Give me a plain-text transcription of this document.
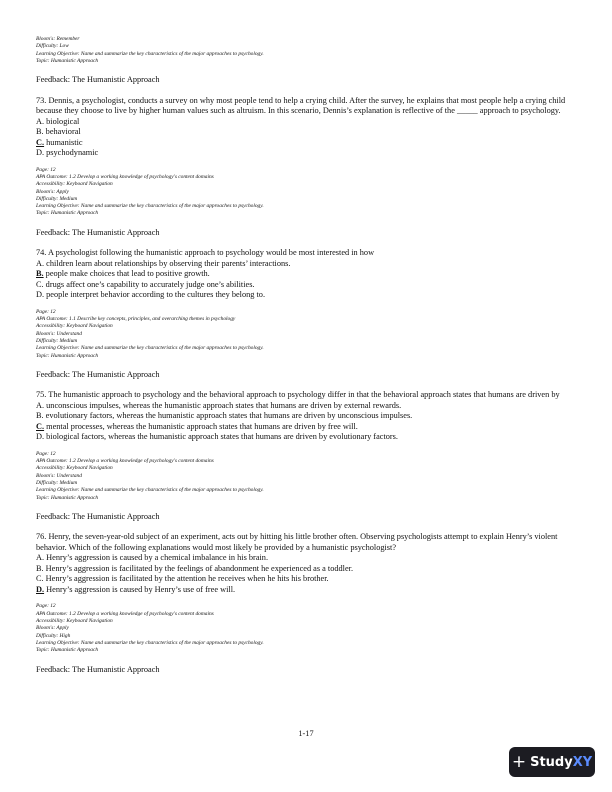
Bloom's: Remember
Difficulty: Low
Learning Objective: Name and summarize the key characteristics of the major approaches to psychology.
Topic: Humanistic Approach
Feedback: The Humanistic Approach
73. Dennis, a psychologist, conducts a survey on why most people tend to help a crying child. After the survey, he explains that most people help a crying child because they choose to live by higher human values such as altruism. In this scenario, Dennis’s explanation is reflective of the _____ approach to psychology.
A. biological
B. behavioral
C. humanistic
D. psychodynamic
Page: 12
APA Outcome: 1.2 Develop a working knowledge of psychology's content domains
Accessibility: Keyboard Navigation
Bloom's: Apply
Difficulty: Medium
Learning Objective: Name and summarize the key characteristics of the major approaches to psychology.
Topic: Humanistic Approach
Feedback: The Humanistic Approach
74. A psychologist following the humanistic approach to psychology would be most interested in how
A. children learn about relationships by observing their parents’ interactions.
B. people make choices that lead to positive growth.
C. drugs affect one’s capability to accurately judge one’s abilities.
D. people interpret behavior according to the cultures they belong to.
Page: 12
APA Outcome: 1.1 Describe key concepts, principles, and overarching themes in psychology
Accessibility: Keyboard Navigation
Bloom's: Understand
Difficulty: Medium
Learning Objective: Name and summarize the key characteristics of the major approaches to psychology.
Topic: Humanistic Approach
Feedback: The Humanistic Approach
75. The humanistic approach to psychology and the behavioral approach to psychology differ in that the behavioral approach states that humans are driven by
A. unconscious impulses, whereas the humanistic approach states that humans are driven by external rewards.
B. evolutionary factors, whereas the humanistic approach states that humans are driven by unconscious impulses.
C. mental processes, whereas the humanistic approach states that humans are driven by free will.
D. biological factors, whereas the humanistic approach states that humans are driven by evolutionary factors.
Page: 12
APA Outcome: 1.2 Develop a working knowledge of psychology's content domains
Accessibility: Keyboard Navigation
Bloom's: Understand
Difficulty: Medium
Learning Objective: Name and summarize the key characteristics of the major approaches to psychology.
Topic: Humanistic Approach
Feedback: The Humanistic Approach
76. Henry, the seven-year-old subject of an experiment, acts out by hitting his little brother often. Observing psychologists attempt to explain Henry’s violent behavior. Which of the following explanations would most likely be provided by a humanistic psychologist?
A. Henry’s aggression is caused by a chemical imbalance in his brain.
B. Henry’s aggression is facilitated by the feelings of abandonment he experienced as a toddler.
C. Henry’s aggression is facilitated by the attention he receives when he hits his brother.
D. Henry’s aggression is caused by Henry’s use of free will.
Page: 12
APA Outcome: 1.2 Develop a working knowledge of psychology's content domains
Accessibility: Keyboard Navigation
Bloom's: Apply
Difficulty: High
Learning Objective: Name and summarize the key characteristics of the major approaches to psychology.
Topic: Humanistic Approach
Feedback: The Humanistic Approach
1-17
+ Study XY
